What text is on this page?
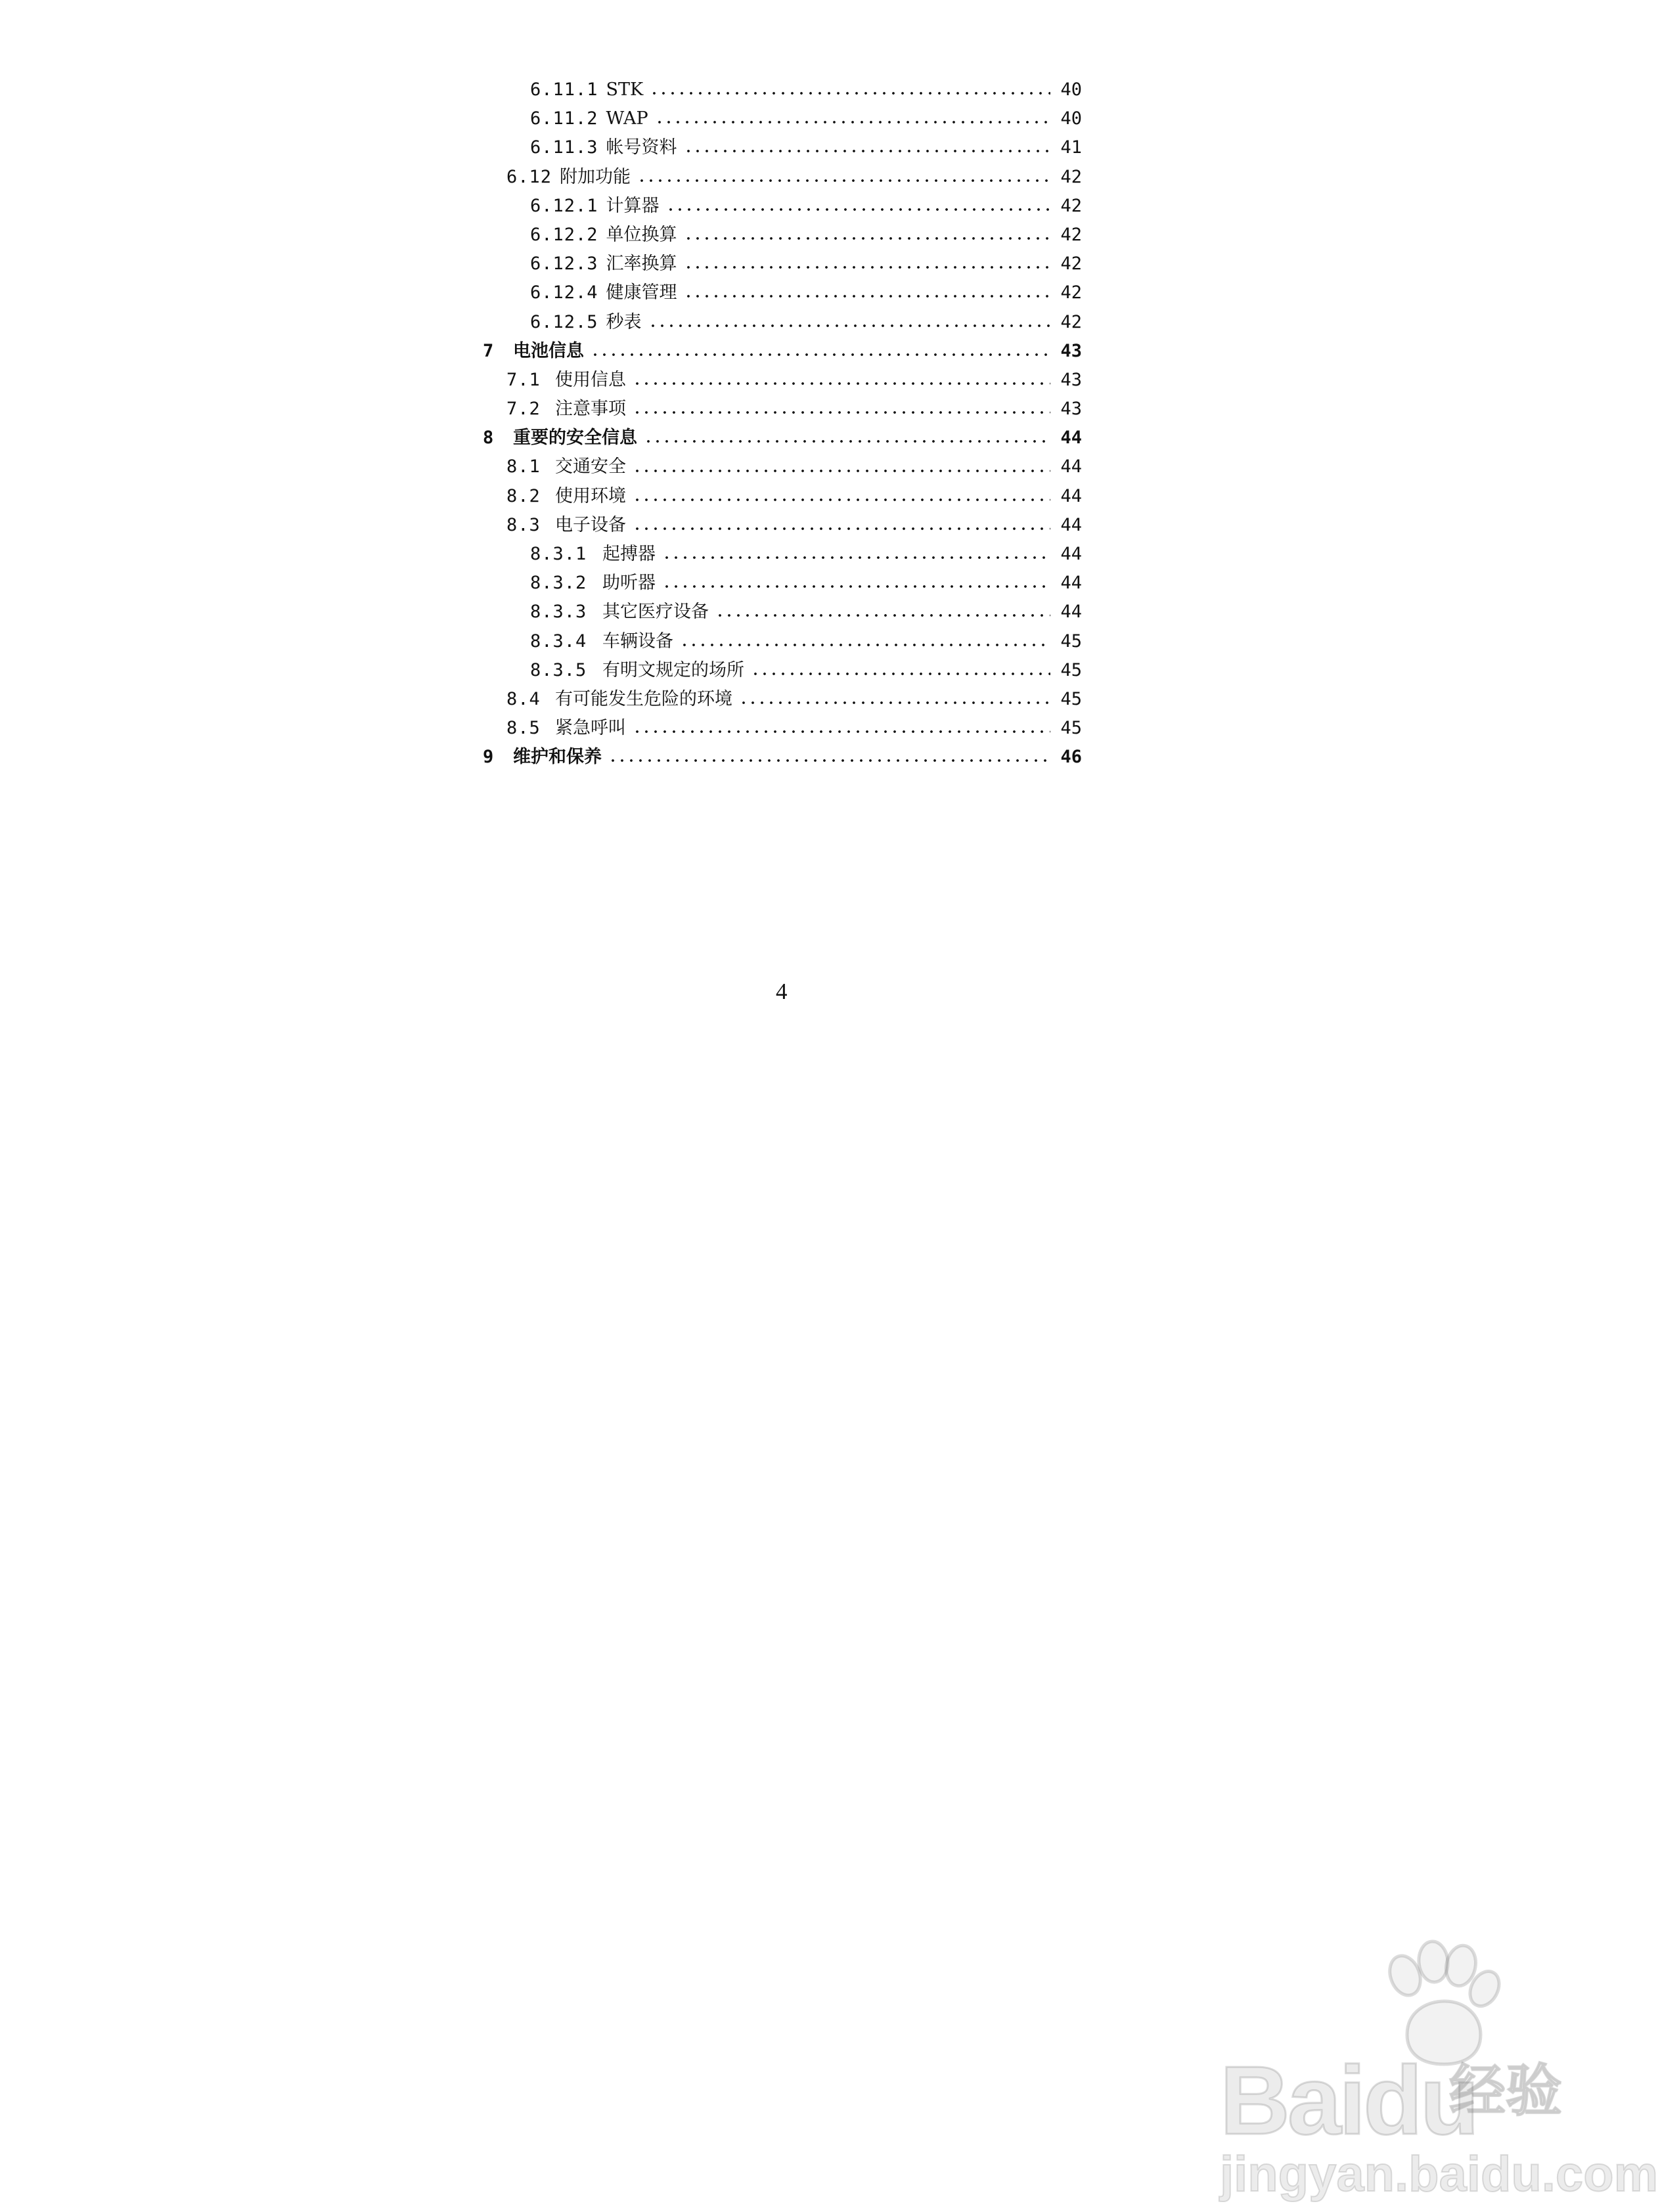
6.11.1 STK	40
6.11.2 WAP	40
6.11.3 帐号资料	41
6.12 附加功能	42
6.12.1 计算器	42
6.12.2 单位换算	42
6.12.3 汇率换算	42
6.12.4 健康管理	42
6.12.5 秒表	42
7	电池信息	43
7.1 使用信息	43
7.2 注意事项	43
8	重要的安全信息	44
8.1 交通安全	44
8.2 使用环境	44
8.3 电子设备	44
8.3.1 起搏器	44
8.3.2 助听器	44
8.3.3 其它医疗设备	44
8.3.4 车辆设备	45
8.3.5 有明文规定的场所	45
8.4 有可能发生危险的环境	45
8.5 紧急呼叫	45
9	维护和保养	46
4
Baidu
经验
jingyan.baidu.com
